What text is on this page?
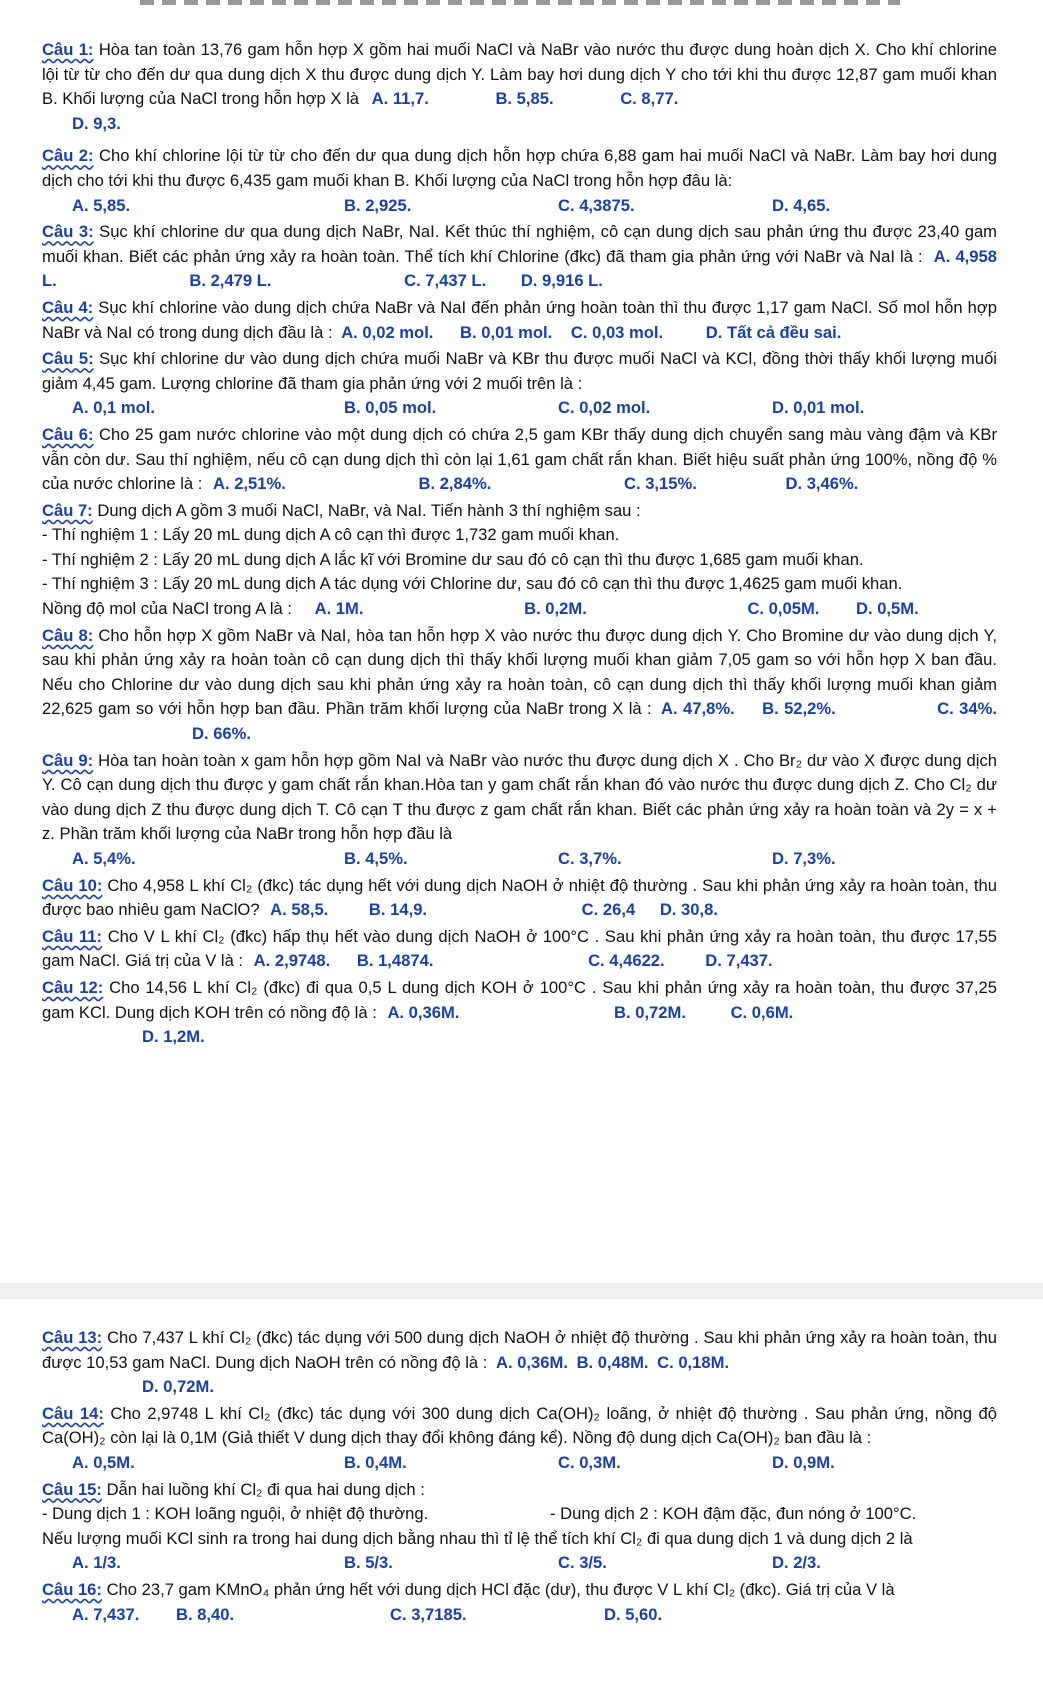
Câu 1: Hòa tan toàn 13,76 gam hỗn hợp X gồm hai muối NaCl và NaBr vào nước thu được dung hoàn dịch X. Cho khí chlorine lội từ từ cho đến dư qua dung dịch X thu được dung dịch Y. Làm bay hơi dung dịch Y cho tới khi thu được 12,87 gam muối khan B. Khối lượng của NaCl trong hỗn hợp X là A. 11,7.	B. 5,85.	C. 8,77.
D. 9,3.
Câu 2: Cho khí chlorine lội từ từ cho đến dư qua dung dịch hỗn hợp chứa 6,88 gam hai muối NaCl và NaBr. Làm bay hơi dung dịch cho tới khi thu được 6,435 gam muối khan B. Khối lượng của NaCl trong hỗn hợp đâu là:
A. 5,85.	B. 2,925.	C. 4,3875.	D. 4,65.
Câu 3: Sục khí chlorine dư qua dung dịch NaBr, NaI. Kết thúc thí nghiệm, cô cạn dung dịch sau phản ứng thu được 23,40 gam muối khan. Biết các phản ứng xảy ra hoàn toàn. Thể tích khí Chlorine (đkc) đã tham gia phản ứng với NaBr và NaI là : A. 4,958 L.	B. 2,479 L.	C. 7,437 L. D. 9,916 L.
Câu 4: Sục khí chlorine vào dung dịch chứa NaBr và NaI đến phản ứng hoàn toàn thì thu được 1,17 gam NaCl. Số mol hỗn hợp NaBr và NaI có trong dung dịch đầu là : A. 0,02 mol. B. 0,01 mol. C. 0,03 mol.	D. Tất cả đều sai.
Câu 5: Sục khí chlorine dư vào dung dịch chứa muối NaBr và KBr thu được muối NaCl và KCl, đồng thời thấy khối lượng muối giảm 4,45 gam. Lượng chlorine đã tham gia phản ứng với 2 muối trên là :
A. 0,1 mol.	B. 0,05 mol.	C. 0,02 mol.	D. 0,01 mol.
Câu 6: Cho 25 gam nước chlorine vào một dung dịch có chứa 2,5 gam KBr thấy dung dịch chuyển sang màu vàng đậm và KBr vẫn còn dư. Sau thí nghiệm, nếu cô cạn dung dịch thì còn lại 1,61 gam chất rắn khan. Biết hiệu suất phản ứng 100%, nồng độ % của nước chlorine là : A. 2,51%.	B. 2,84%.	C. 3,15%.	D. 3,46%.
Câu 7: Dung dịch A gồm 3 muối NaCl, NaBr, và NaI. Tiến hành 3 thí nghiệm sau :
- Thí nghiệm 1 : Lấy 20 mL dung dịch A cô cạn thì được 1,732 gam muối khan.
- Thí nghiệm 2 : Lấy 20 mL dung dịch A lắc kĩ với Bromine dư sau đó cô cạn thì thu được 1,685 gam muối khan.
- Thí nghiệm 3 : Lấy 20 mL dung dịch A tác dụng với Chlorine dư, sau đó cô cạn thì thu được 1,4625 gam muối khan.
Nồng độ mol của NaCl trong A là : A. 1M.	B. 0,2M.	C. 0,05M. D. 0,5M.
Câu 8: Cho hỗn hợp X gồm NaBr và NaI, hòa tan hỗn hợp X vào nước thu được dung dịch Y. Cho Bromine dư vào dung dịch Y, sau khi phản ứng xảy ra hoàn toàn cô cạn dung dịch thì thấy khối lượng muối khan giảm 7,05 gam so với hỗn hợp X ban đầu. Nếu cho Chlorine dư vào dung dịch sau khi phản ứng xảy ra hoàn toàn, cô cạn dung dịch thì thấy khối lượng muối khan giảm 22,625 gam so với hỗn hợp ban đầu. Phần trăm khối lượng của NaBr trong X là : A. 47,8%. B. 52,2%.	C. 34%. D. 66%.
Câu 9: Hòa tan hoàn toàn x gam hỗn hợp gồm NaI và NaBr vào nước thu được dung dịch X . Cho Br₂ dư vào X được dung dịch Y. Cô cạn dung dịch thu được y gam chất rắn khan.Hòa tan y gam chất rắn khan đó vào nước thu được dung dịch Z. Cho Cl₂ dư vào dung dịch Z thu được dung dịch T. Cô cạn T thu được z gam chất rắn khan. Biết các phản ứng xảy ra hoàn toàn và 2y = x + z. Phần trăm khối lượng của NaBr trong hỗn hợp đầu là
A. 5,4%.	B. 4,5%.	C. 3,7%.	D. 7,3%.
Câu 10: Cho 4,958 L khí Cl₂ (đkc) tác dụng hết với dung dịch NaOH ở nhiệt độ thường . Sau khi phản ứng xảy ra hoàn toàn, thu được bao nhiêu gam NaClO? A. 58,5. B. 14,9.	C. 26,4 D. 30,8.
Câu 11: Cho V L khí Cl₂ (đkc) hấp thụ hết vào dung dịch NaOH ở 100°C . Sau khi phản ứng xảy ra hoàn toàn, thu được 17,55 gam NaCl. Giá trị của V là : A. 2,9748. B. 1,4874.	C. 4,4622. D. 7,437.
Câu 12: Cho 14,56 L khí Cl₂ (đkc) đi qua 0,5 L dung dịch KOH ở 100°C . Sau khi phản ứng xảy ra hoàn toàn, thu được 37,25 gam KCl. Dung dịch KOH trên có nồng độ là : A. 0,36M.	B. 0,72M.	C. 0,6M.
D. 1,2M.
Câu 13: Cho 7,437 L khí Cl₂ (đkc) tác dụng với 500 dung dịch NaOH ở nhiệt độ thường . Sau khi phản ứng xảy ra hoàn toàn, thu được 10,53 gam NaCl. Dung dịch NaOH trên có nồng độ là : A. 0,36M. B. 0,48M. C. 0,18M.
D. 0,72M.
Câu 14: Cho 2,9748 L khí Cl₂ (đkc) tác dụng với 300 dung dịch Ca(OH)₂ loãng, ở nhiệt độ thường . Sau phản ứng, nồng độ Ca(OH)₂ còn lại là 0,1M (Giả thiết V dung dịch thay đổi không đáng kể). Nồng độ dung dịch Ca(OH)₂ ban đầu là :
A. 0,5M.	B. 0,4M.	C. 0,3M.	D. 0,9M.
Câu 15: Dẫn hai luồng khí Cl₂ đi qua hai dung dịch :
- Dung dịch 1 : KOH loãng nguội, ở nhiệt độ thường.	- Dung dịch 2 : KOH đậm đặc, đun nóng ở 100°C.
Nếu lượng muối KCl sinh ra trong hai dung dịch bằng nhau thì tỉ lệ thể tích khí Cl₂ đi qua dung dịch 1 và dung dịch 2 là
A. 1/3.	B. 5/3.	C. 3/5.	D. 2/3.
Câu 16: Cho 23,7 gam KMnO₄ phản ứng hết với dung dịch HCl đặc (dư), thu được V L khí Cl₂ (đkc). Giá trị của V là
A. 7,437.	B. 8,40.	C. 3,7185.	D. 5,60.
